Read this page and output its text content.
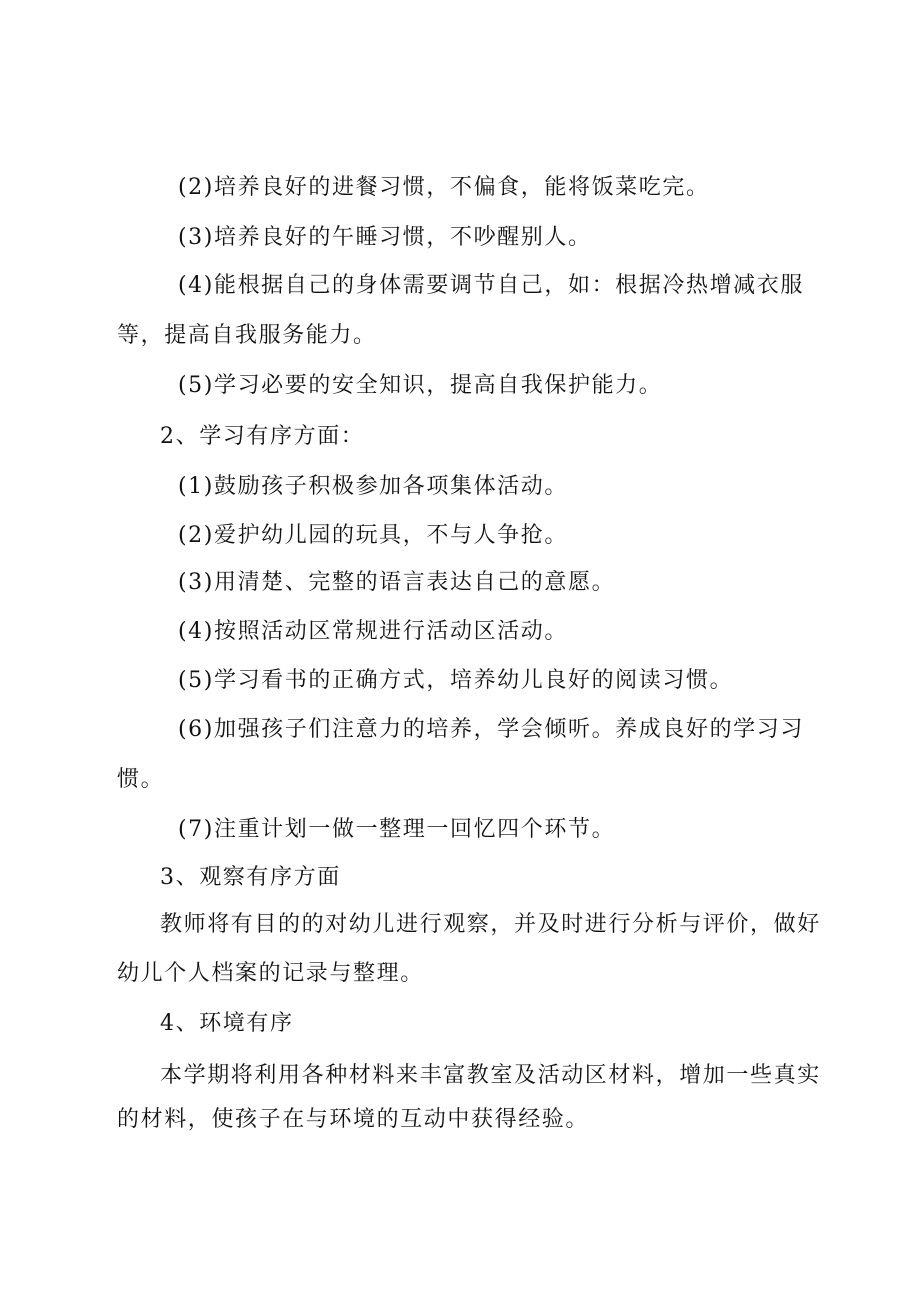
(2)培养良好的进餐习惯，不偏食，能将饭菜吃完。
(3)培养良好的午睡习惯，不吵醒别人。
(4)能根据自己的身体需要调节自己，如：根据冷热增减衣服
等，提高自我服务能力。
(5)学习必要的安全知识，提高自我保护能力。
2、学习有序方面：
(1)鼓励孩子积极参加各项集体活动。
(2)爱护幼儿园的玩具，不与人争抢。
(3)用清楚、完整的语言表达自己的意愿。
(4)按照活动区常规进行活动区活动。
(5)学习看书的正确方式，培养幼儿良好的阅读习惯。
(6)加强孩子们注意力的培养，学会倾听。养成良好的学习习
惯。
(7)注重计划一做一整理一回忆四个环节。
3、观察有序方面
教师将有目的的对幼儿进行观察，并及时进行分析与评价，做好
幼儿个人档案的记录与整理。
4、环境有序
本学期将利用各种材料来丰富教室及活动区材料，增加一些真实
的材料，使孩子在与环境的互动中获得经验。
